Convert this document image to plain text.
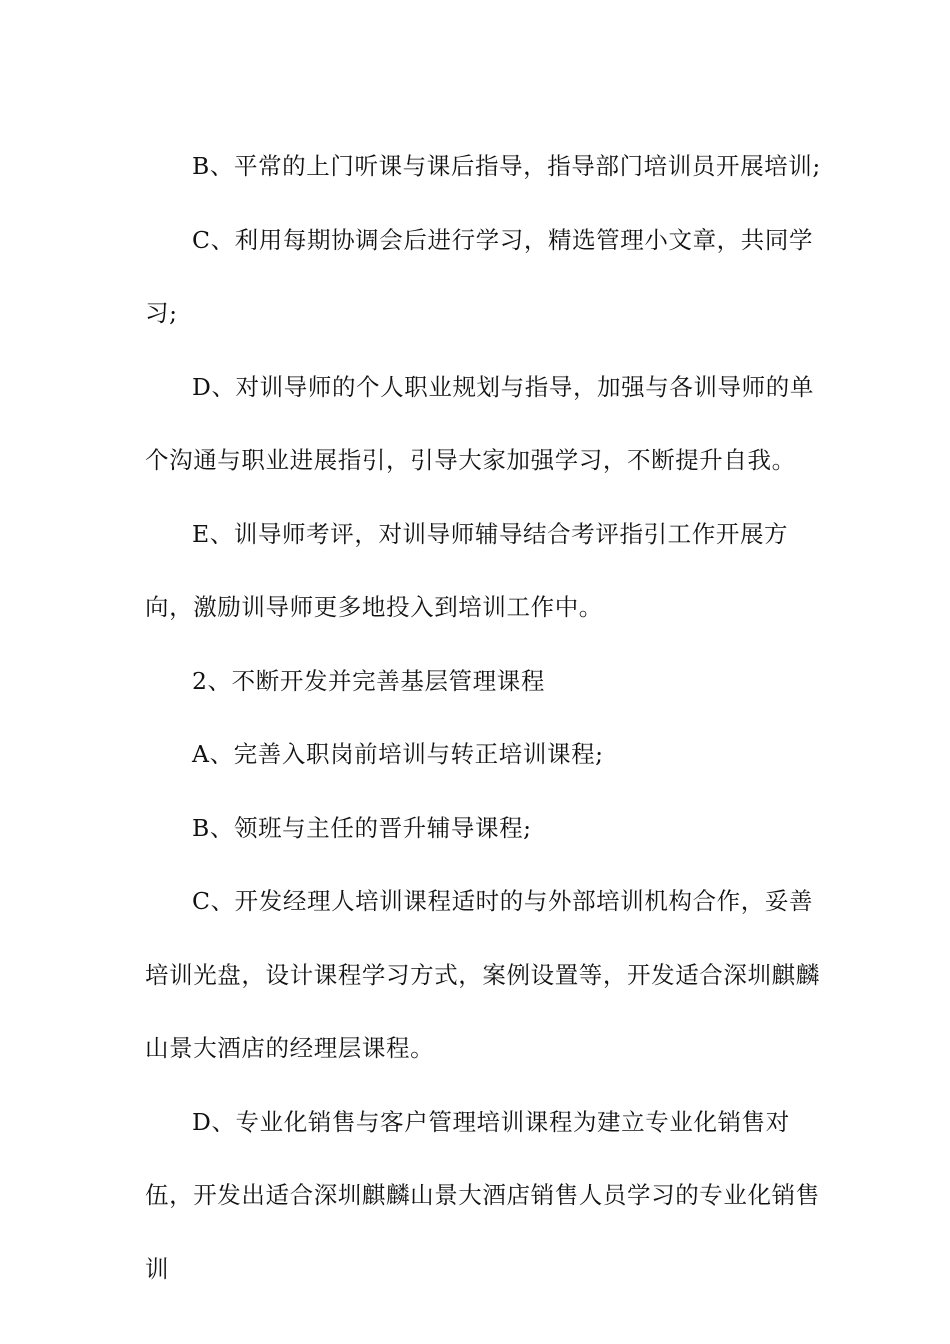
B、平常的上门听课与课后指导，指导部门培训员开展培训;

C、利用每期协调会后进行学习，精选管理小文章，共同学习;

D、对训导师的个人职业规划与指导，加强与各训导师的单个沟通与职业进展指引，引导大家加强学习，不断提升自我。

E、训导师考评，对训导师辅导结合考评指引工作开展方向，激励训导师更多地投入到培训工作中。

2、不断开发并完善基层管理课程

A、完善入职岗前培训与转正培训课程;

B、领班与主任的晋升辅导课程;

C、开发经理人培训课程适时的与外部培训机构合作，妥善培训光盘，设计课程学习方式，案例设置等，开发适合深圳麒麟山景大酒店的经理层课程。

D、专业化销售与客户管理培训课程为建立专业化销售对伍，开发出适合深圳麒麟山景大酒店销售人员学习的专业化销售训
